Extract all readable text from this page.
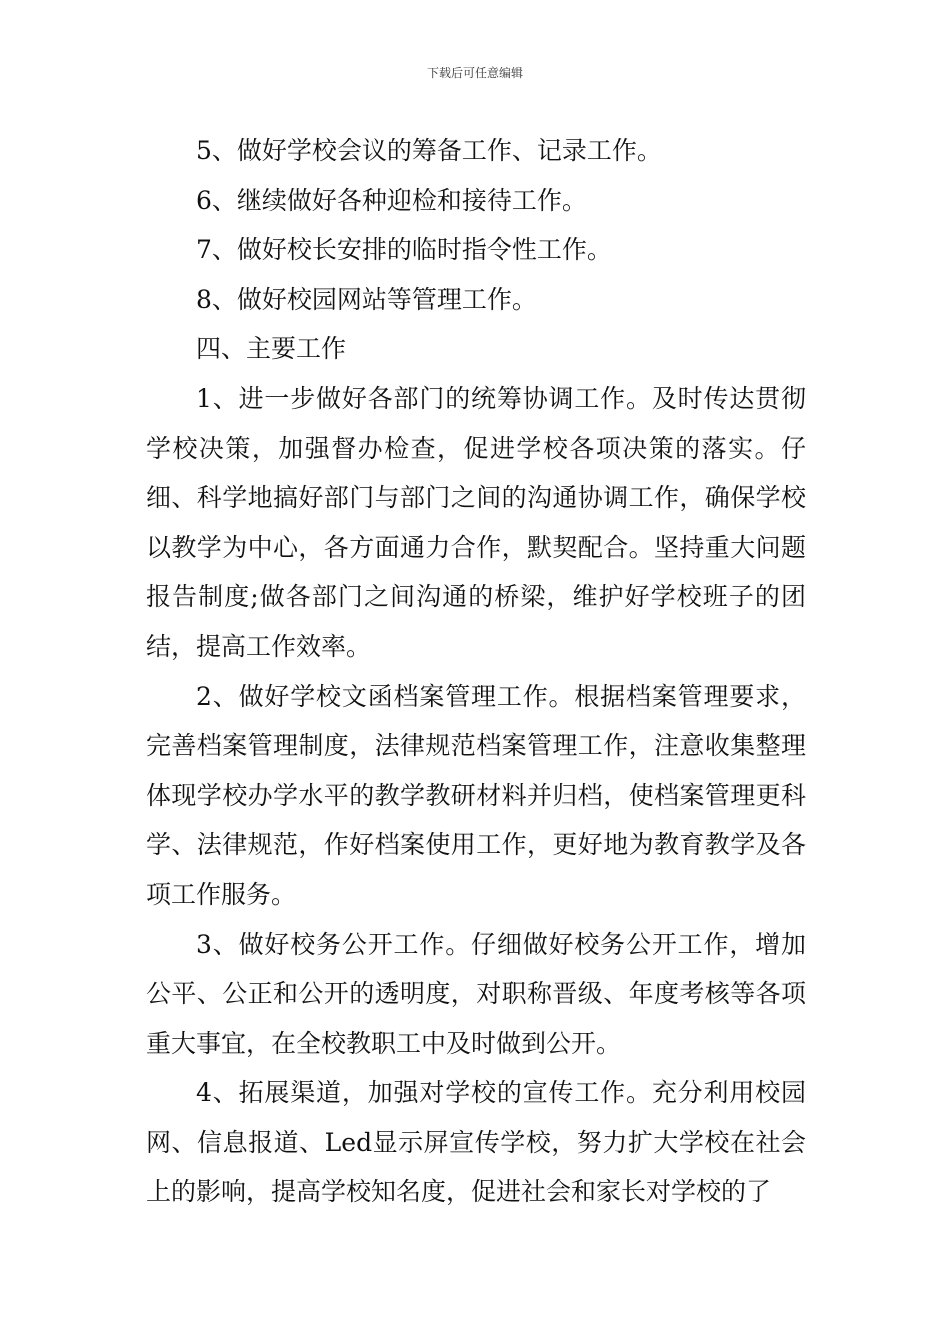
下载后可任意编辑

5、做好学校会议的筹备工作、记录工作。

6、继续做好各种迎检和接待工作。

7、做好校长安排的临时指令性工作。

8、做好校园网站等管理工作。

四、主要工作

1、进一步做好各部门的统筹协调工作。及时传达贯彻学校决策，加强督办检查，促进学校各项决策的落实。仔细、科学地搞好部门与部门之间的沟通协调工作，确保学校以教学为中心，各方面通力合作，默契配合。坚持重大问题报告制度;做各部门之间沟通的桥梁，维护好学校班子的团结，提高工作效率。

2、做好学校文函档案管理工作。根据档案管理要求，完善档案管理制度，法律规范档案管理工作，注意收集整理体现学校办学水平的教学教研材料并归档，使档案管理更科学、法律规范，作好档案使用工作，更好地为教育教学及各项工作服务。

3、做好校务公开工作。仔细做好校务公开工作，增加公平、公正和公开的透明度，对职称晋级、年度考核等各项重大事宜，在全校教职工中及时做到公开。

4、拓展渠道，加强对学校的宣传工作。充分利用校园网、信息报道、Led显示屏宣传学校，努力扩大学校在社会上的影响，提高学校知名度，促进社会和家长对学校的了
